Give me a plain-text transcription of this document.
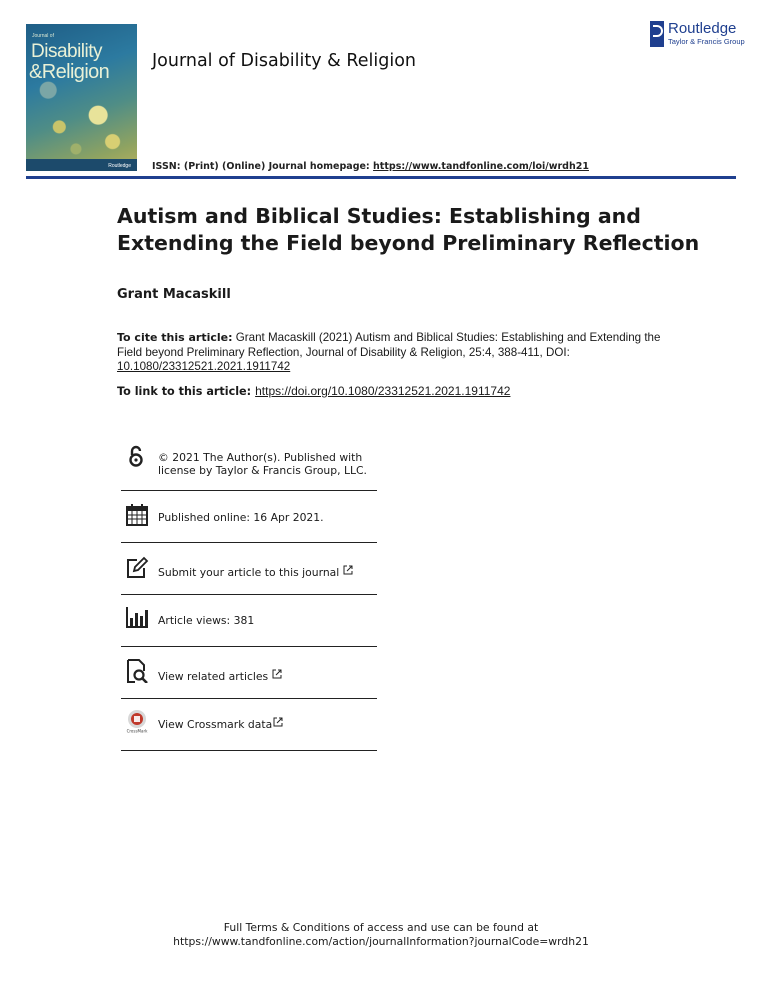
Journal of
Disability
&Religion
Routledge
Journal of Disability & Religion
Routledge
Taylor & Francis Group
ISSN: (Print) (Online) Journal homepage: https://www.tandfonline.com/loi/wrdh21
Autism and Biblical Studies: Establishing and
Extending the Field beyond Preliminary Reflection
Grant Macaskill
To cite this article: Grant Macaskill (2021) Autism and Biblical Studies: Establishing and Extending the Field beyond Preliminary Reflection, Journal of Disability & Religion, 25:4, 388-411, DOI: 10.1080/23312521.2021.1911742
To link to this article: https://doi.org/10.1080/23312521.2021.1911742
© 2021 The Author(s). Published with
license by Taylor & Francis Group, LLC.
Published online: 16 Apr 2021.
Submit your article to this journal
Article views: 381
View related articles
CrossMark View Crossmark data
Full Terms & Conditions of access and use can be found at
https://www.tandfonline.com/action/journalInformation?journalCode=wrdh21
